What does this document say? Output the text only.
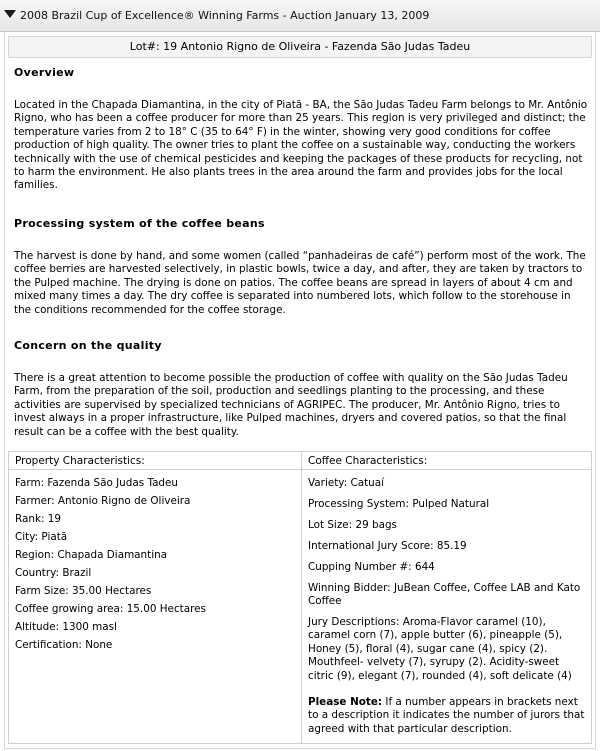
2008 Brazil Cup of Excellence® Winning Farms - Auction January 13, 2009
Lot#: 19 Antonio Rigno de Oliveira - Fazenda São Judas Tadeu
Overview

Located in the Chapada Diamantina, in the city of Piatã - BA, the São Judas Tadeu Farm belongs to Mr. Antônio Rigno, who has been a coffee producer for more than 25 years. This region is very privileged and distinct; the temperature varies from 2 to 18° C (35 to 64° F) in the winter, showing very good conditions for coffee production of high quality. The owner tries to plant the coffee on a sustainable way, conducting the workers technically with the use of chemical pesticides and keeping the packages of these products for recycling, not to harm the environment. He also plants trees in the area around the farm and provides jobs for the local families.

Processing system of the coffee beans

The harvest is done by hand, and some women (called “panhadeiras de café”) perform most of the work. The coffee berries are harvested selectively, in plastic bowls, twice a day, and after, they are taken by tractors to the Pulped machine. The drying is done on patios. The coffee beans are spread in layers of about 4 cm and mixed many times a day. The dry coffee is separated into numbered lots, which follow to the storehouse in the conditions recommended for the coffee storage.

Concern on the quality

There is a great attention to become possible the production of coffee with quality on the São Judas Tadeu Farm, from the preparation of the soil, production and seedlings planting to the processing, and these activities are supervised by specialized technicians of AGRIPEC. The producer, Mr. Antônio Rigno, tries to invest always in a proper infrastructure, like Pulped machines, dryers and covered patios, so that the final result can be a coffee with the best quality.

Property Characteristics:
Farm: Fazenda São Judas Tadeu
Farmer: Antonio Rigno de Oliveira
Rank: 19
City: Piatã
Region: Chapada Diamantina
Country: Brazil
Farm Size: 35.00 Hectares
Coffee growing area: 15.00 Hectares
Altitude: 1300 masl
Certification: None
Coffee Characteristics:
Variety: Catuaí
Processing System: Pulped Natural
Lot Size: 29 bags
International Jury Score: 85.19
Cupping Number #: 644
Winning Bidder: JuBean Coffee, Coffee LAB and Kato Coffee
Jury Descriptions: Aroma-Flavor caramel (10), caramel corn (7), apple butter (6), pineapple (5), Honey (5), floral (4), sugar cane (4), spicy (2). Mouthfeel- velvety (7), syrupy (2). Acidity-sweet citric (9), elegant (7), rounded (4), soft delicate (4)
Please Note: If a number appears in brackets next to a description it indicates the number of jurors that agreed with that particular description.
